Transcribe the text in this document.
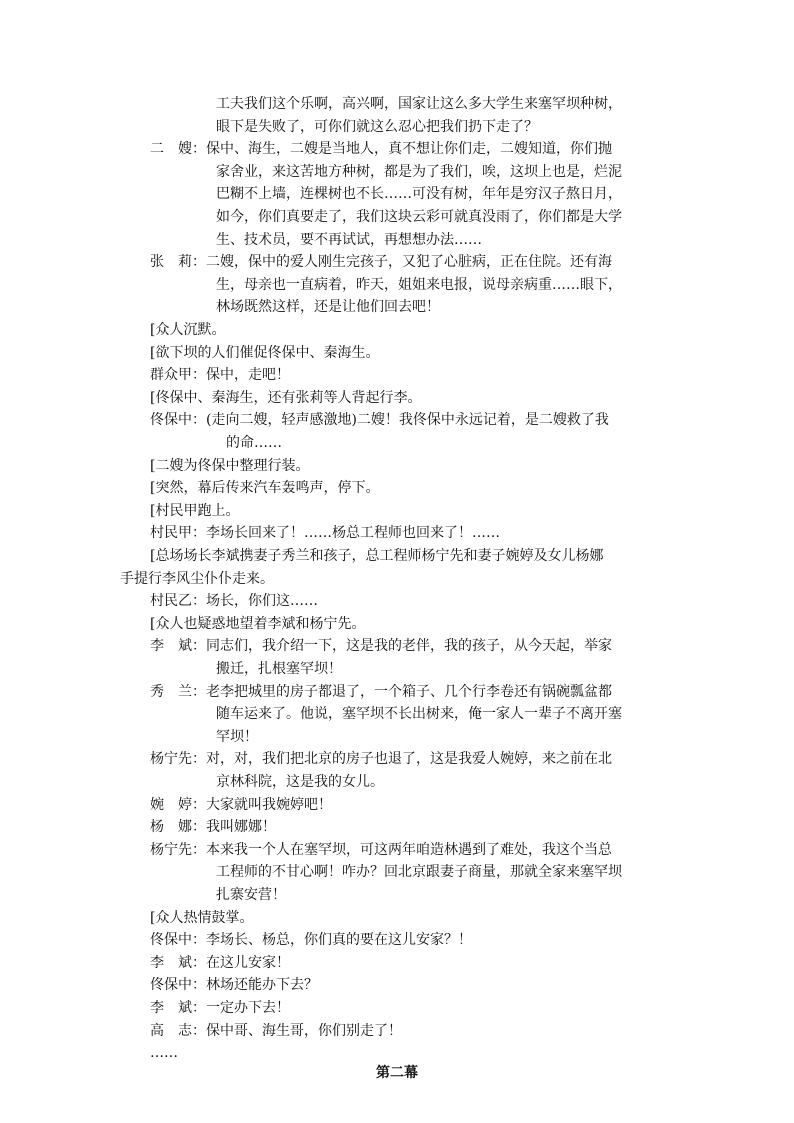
工夫我们这个乐啊，高兴啊，国家让这么多大学生来塞罕坝种树，
眼下是失败了，可你们就这么忍心把我们扔下走了？
二　嫂：保中、海生，二嫂是当地人，真不想让你们走，二嫂知道，你们抛
家舍业，来这苦地方种树，都是为了我们，唉，这坝上也是，烂泥
巴糊不上墙，连棵树也不长……可没有树，年年是穷汉子熬日月，
如今，你们真要走了，我们这块云彩可就真没雨了，你们都是大学
生、技术员，要不再试试，再想想办法……
张　莉：二嫂，保中的爱人刚生完孩子，又犯了心脏病，正在住院。还有海
生，母亲也一直病着，昨天，姐姐来电报，说母亲病重……眼下，
林场既然这样，还是让他们回去吧！
[众人沉默。
[欲下坝的人们催促佟保中、秦海生。
群众甲：保中，走吧！
[佟保中、秦海生，还有张莉等人背起行李。
佟保中：(走向二嫂，轻声感激地)二嫂！我佟保中永远记着，是二嫂救了我
的命……
[二嫂为佟保中整理行装。
[突然，幕后传来汽车轰鸣声，停下。
[村民甲跑上。
村民甲：李场长回来了！……杨总工程师也回来了！……
[总场场长李斌携妻子秀兰和孩子，总工程师杨宁先和妻子婉婷及女儿杨娜
手提行李风尘仆仆走来。
村民乙：场长，你们这……
[众人也疑惑地望着李斌和杨宁先。
李　斌：同志们，我介绍一下，这是我的老伴，我的孩子，从今天起，举家
搬迁，扎根塞罕坝！
秀　兰：老李把城里的房子都退了，一个箱子、几个行李卷还有锅碗瓢盆都
随车运来了。他说，塞罕坝不长出树来，俺一家人一辈子不离开塞
罕坝！
杨宁先：对，对，我们把北京的房子也退了，这是我爱人婉婷，来之前在北
京林科院，这是我的女儿。
婉　婷：大家就叫我婉婷吧！
杨　娜：我叫娜娜！
杨宁先：本来我一个人在塞罕坝，可这两年咱造林遇到了难处，我这个当总
工程师的不甘心啊！咋办？回北京跟妻子商量，那就全家来塞罕坝
扎寨安营！
[众人热情鼓掌。
佟保中：李场长、杨总，你们真的要在这儿安家？！
李　斌：在这儿安家！
佟保中：林场还能办下去？
李　斌：一定办下去！
高　志：保中哥、海生哥，你们别走了！
……
第二幕
